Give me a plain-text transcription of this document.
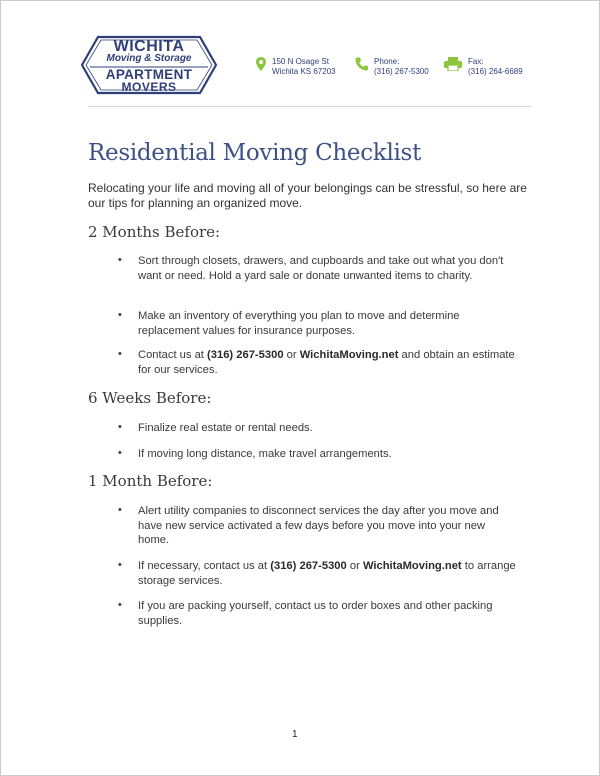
WICHITA
Moving & Storage
APARTMENT
MOVERS
150 N Osage St
Wichita KS 67203
Phone:
(316) 267-5300
Fax:
(316) 264-6689
Residential Moving Checklist
Relocating your life and moving all of your belongings can be stressful, so here are our tips for planning an organized move.
2 Months Before:
• Sort through closets, drawers, and cupboards and take out what you don't want or need. Hold a yard sale or donate unwanted items to charity.
• Make an inventory of everything you plan to move and determine replacement values for insurance purposes.
• Contact us at (316) 267-5300 or WichitaMoving.net and obtain an estimate for our services.
6 Weeks Before:
• Finalize real estate or rental needs.
• If moving long distance, make travel arrangements.
1 Month Before:
• Alert utility companies to disconnect services the day after you move and have new service activated a few days before you move into your new home.
• If necessary, contact us at (316) 267-5300 or WichitaMoving.net to arrange storage services.
• If you are packing yourself, contact us to order boxes and other packing supplies.
1
